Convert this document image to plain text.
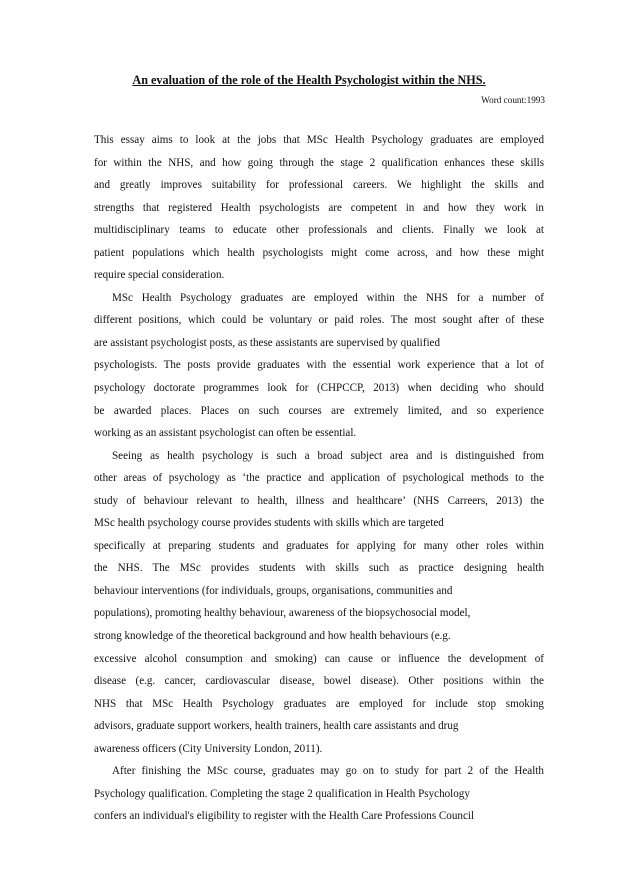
An evaluation of the role of the Health Psychologist within the NHS.
Word count:1993
This essay aims to look at the jobs that MSc Health Psychology graduates are employed
for within the NHS, and how going through the stage 2 qualification enhances these skills
and greatly improves suitability for professional careers. We highlight the skills and
strengths that registered Health psychologists are competent in and how they work in
multidisciplinary teams to educate other professionals and clients. Finally we look at
patient populations which health psychologists might come across, and how these might
require special consideration.
MSc Health Psychology graduates are employed within the NHS for a number of
different positions, which could be voluntary or paid roles. The most sought after of these
are assistant psychologist posts, as these assistants are supervised by qualified
psychologists. The posts provide graduates with the essential work experience that a lot of
psychology doctorate programmes look for (CHPCCP, 2013) when deciding who should
be awarded places. Places on such courses are extremely limited, and so experience
working as an assistant psychologist can often be essential.
Seeing as health psychology is such a broad subject area and is distinguished from
other areas of psychology as ‘the practice and application of psychological methods to the
study of behaviour relevant to health, illness and healthcare’ (NHS Carreers, 2013) the
MSc health psychology course provides students with skills which are targeted
specifically at preparing students and graduates for applying for many other roles within
the NHS. The MSc provides students with skills such as practice designing health
behaviour interventions (for individuals, groups, organisations, communities and
populations), promoting healthy behaviour, awareness of the biopsychosocial model,
strong knowledge of the theoretical background and how health behaviours (e.g.
excessive alcohol consumption and smoking) can cause or influence the development of
disease (e.g. cancer, cardiovascular disease, bowel disease). Other positions within the
NHS that MSc Health Psychology graduates are employed for include stop smoking
advisors, graduate support workers, health trainers, health care assistants and drug
awareness officers (City University London, 2011).
After finishing the MSc course, graduates may go on to study for part 2 of the Health
Psychology qualification. Completing the stage 2 qualification in Health Psychology
confers an individual's eligibility to register with the Health Care Professions Council
